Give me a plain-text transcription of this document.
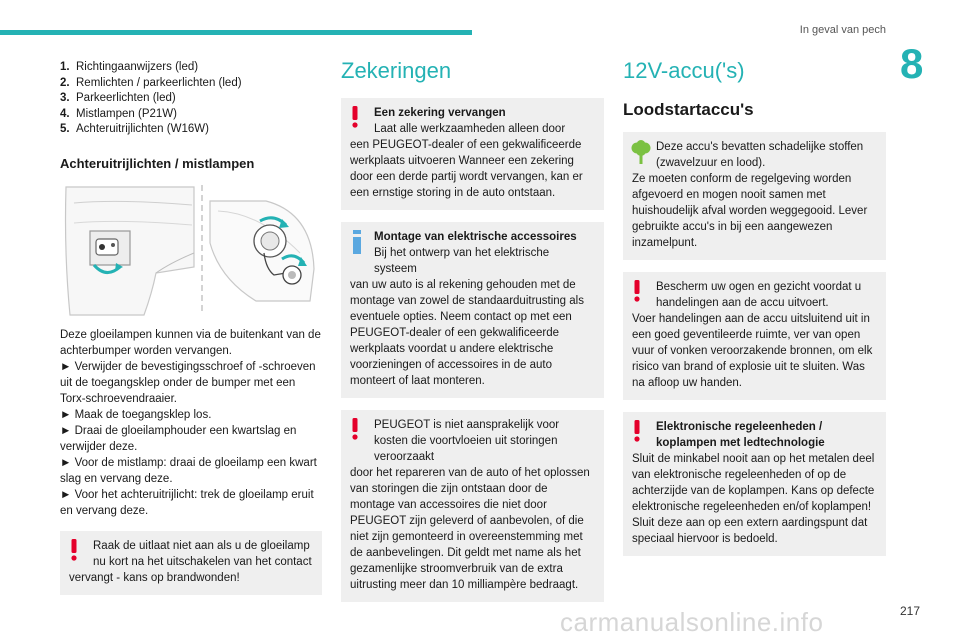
In geval van pech
8
1. Richtingaanwijzers (led)
2. Remlichten / parkeerlichten (led)
3. Parkeerlichten (led)
4. Mistlampen (P21W)
5. Achteruitrijlichten (W16W)
Achteruitrijlichten / mistlampen

Deze gloeilampen kunnen via de buitenkant van de achterbumper worden vervangen.

► Verwijder de bevestigingsschroef of -schroeven uit de toegangsklep onder de bumper met een Torx-schroevendraaier.

► Maak de toegangsklep los.

► Draai de gloeilamphouder een kwartslag en verwijder deze.

► Voor de mistlamp: draai de gloeilamp een kwart slag en vervang deze.

► Voor het achteruitrijlicht: trek de gloeilamp eruit en vervang deze.

Raak de uitlaat niet aan als u de gloeilamp nu kort na het uitschakelen van het contact
vervangt - kans op brandwonden!
Zekeringen
Een zekering vervangen
Laat alle werkzaamheden alleen door
een PEUGEOT-dealer of een gekwalificeerde werkplaats uitvoeren Wanneer een zekering door een derde partij wordt vervangen, kan er een ernstige storing in de auto ontstaan.
Montage van elektrische accessoires
Bij het ontwerp van het elektrische systeem
van uw auto is al rekening gehouden met de montage van zowel de standaarduitrusting als eventuele opties. Neem contact op met een PEUGEOT-dealer of een gekwalificeerde werkplaats voordat u andere elektrische voorzieningen of accessoires in de auto monteert of laat monteren.
PEUGEOT is niet aansprakelijk voor kosten die voortvloeien uit storingen veroorzaakt
door het repareren van de auto of het oplossen van storingen die zijn ontstaan door de montage van accessoires die niet door PEUGEOT zijn geleverd of aanbevolen, of die niet zijn gemonteerd in overeenstemming met de aanbevelingen. Dit geldt met name als het gezamenlijke stroomverbruik van de extra uitrusting meer dan 10 milliampère bedraagt.
12V-accu('s)
Loodstartaccu's
Deze accu's bevatten schadelijke stoffen (zwavelzuur en lood).
Ze moeten conform de regelgeving worden afgevoerd en mogen nooit samen met huishoudelijk afval worden weggegooid. Lever gebruikte accu's in bij een aangewezen inzamelpunt.
Bescherm uw ogen en gezicht voordat u handelingen aan de accu uitvoert.
Voer handelingen aan de accu uitsluitend uit in een goed geventileerde ruimte, ver van open vuur of vonken veroorzakende bronnen, om elk risico van brand of explosie uit te sluiten. Was na afloop uw handen.
Elektronische regeleenheden / koplampen met ledtechnologie
Sluit de minkabel nooit aan op het metalen deel van elektronische regeleenheden of op de achterzijde van de koplampen. Kans op defecte elektronische regeleenheden en/of koplampen! Sluit deze aan op een extern aardingspunt dat speciaal hiervoor is bedoeld.
carmanualsonline.info	217
